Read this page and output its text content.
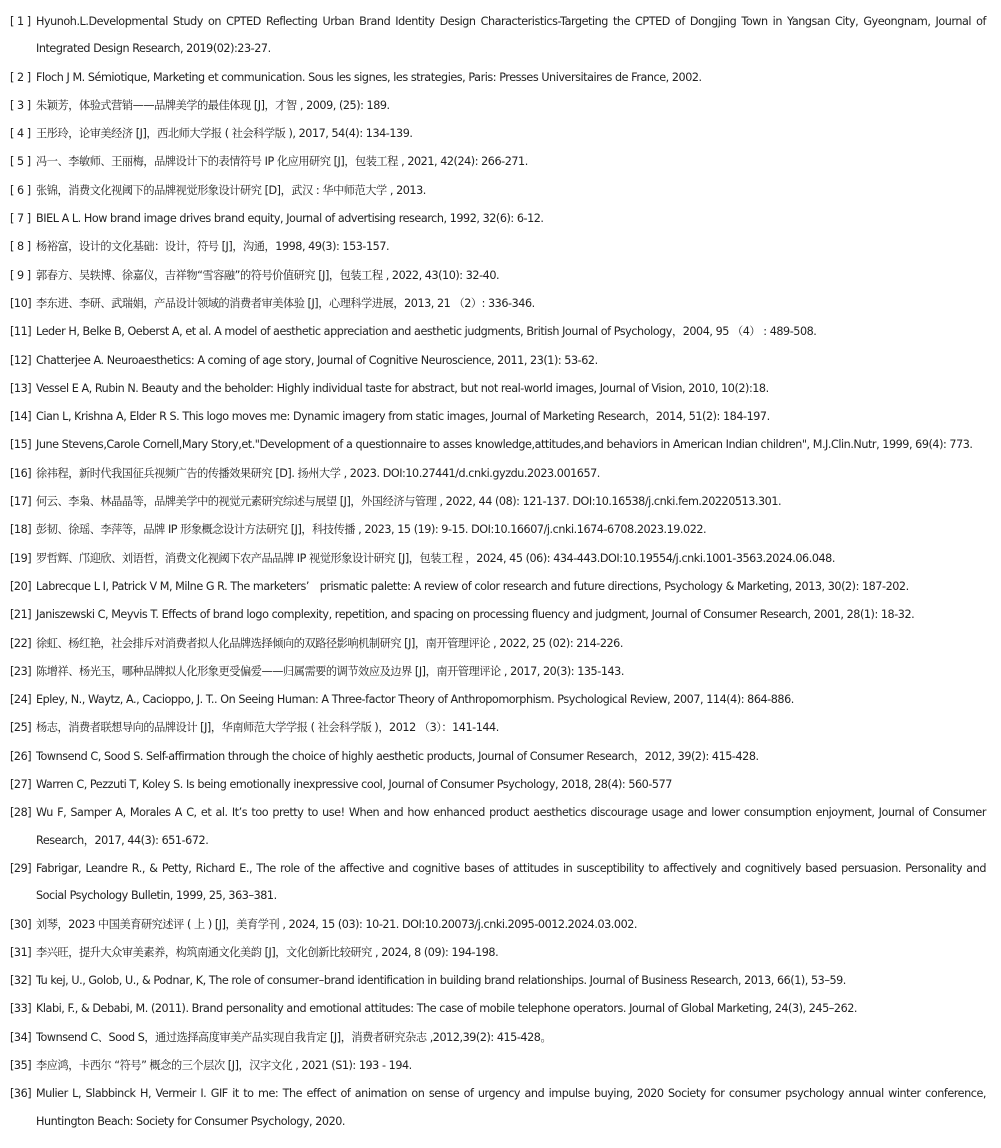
[ 1 ] Hyunoh.L.Developmental Study on CPTED Reflecting Urban Brand Identity Design Characteristics-Targeting the CPTED of Dongjing Town in Yangsan City, Gyeongnam, Journal of Integrated Design Research, 2019(02):23-27.
[ 2 ] Floch J M. Sémiotique, Marketing et communication. Sous les signes, les strategies, Paris: Presses Universitaires de France, 2002.
[ 3 ] 朱颖芳，体验式营销——品牌美学的最佳体现 [J]，才智 , 2009, (25): 189.
[ 4 ] 王彤玲，论审美经济 [J]，西北师大学报 ( 社会科学版 ), 2017, 54(4): 134-139.
[ 5 ] 冯一、李敏师、王丽梅，品牌设计下的表情符号 IP 化应用研究 [J]，包装工程 , 2021, 42(24): 266-271.
[ 6 ] 张锦，消费文化视阈下的品牌视觉形象设计研究 [D]，武汉 : 华中师范大学 , 2013.
[ 7 ] BIEL A L. How brand image drives brand equity, Journal of advertising research, 1992, 32(6): 6-12.
[ 8 ] 杨裕富，设计的文化基础：设计，符号 [J]，沟通，1998, 49(3): 153-157.
[ 9 ] 郭春方、吴轶博、徐嘉仪，吉祥物“雪容融”的符号价值研究 [J]，包装工程 , 2022, 43(10): 32-40.
[10] 李东进、李研、武瑞娟，产品设计领域的消费者审美体验 [J]，心理科学进展，2013, 21 （2）: 336-346.
[11] Leder H, Belke B, Oeberst A, et al. A model of aesthetic appreciation and aesthetic judgments, British Journal of Psychology，2004, 95 （4） : 489-508.
[12] Chatterjee A. Neuroaesthetics: A coming of age story, Journal of Cognitive Neuroscience, 2011, 23(1): 53-62.
[13] Vessel E A, Rubin N. Beauty and the beholder: Highly individual taste for abstract, but not real-world images, Journal of Vision, 2010, 10(2):18.
[14] Cian L, Krishna A, Elder R S. This logo moves me: Dynamic imagery from static images, Journal of Marketing Research，2014, 51(2): 184-197.
[15] June Stevens,Carole Cornell,Mary Story,et."Development of a questionnaire to asses knowledge,attitudes,and behaviors in American Indian children", M.J.Clin.Nutr, 1999, 69(4): 773.
[16] 徐祎程，新时代我国征兵视频广告的传播效果研究 [D]. 扬州大学 , 2023. DOI:10.27441/d.cnki.gyzdu.2023.001657.
[17] 何云、李枭、林晶晶等，品牌美学中的视觉元素研究综述与展望 [J]，外国经济与管理 , 2022, 44 (08): 121-137. DOI:10.16538/j.cnki.fem.20220513.301.
[18] 彭韧、徐瑶、李萍等，品牌 IP 形象概念设计方法研究 [J]，科技传播 , 2023, 15 (19): 9-15. DOI:10.16607/j.cnki.1674-6708.2023.19.022.
[19] 罗哲辉、邝迎欣、刘语哲，消费文化视阈下农产品品牌 IP 视觉形象设计研究 [J]，包装工程 ，2024, 45 (06): 434-443.DOI:10.19554/j.cnki.1001-3563.2024.06.048.
[20] Labrecque L I, Patrick V M, Milne G R. The marketers’　prismatic palette: A review of color research and future directions, Psychology & Marketing, 2013, 30(2): 187-202.
[21] Janiszewski C, Meyvis T. Effects of brand logo complexity, repetition, and spacing on processing fluency and judgment, Journal of Consumer Research, 2001, 28(1): 18-32.
[22] 徐虹、杨红艳，社会排斥对消费者拟人化品牌选择倾向的双路径影响机制研究 [J]，南开管理评论 , 2022, 25 (02): 214-226.
[23] 陈增祥、杨光玉，哪种品牌拟人化形象更受偏爱——归属需要的调节效应及边界 [J]，南开管理评论 , 2017, 20(3): 135-143.
[24] Epley, N., Waytz, A., Cacioppo, J. T.. On Seeing Human: A Three-factor Theory of Anthropomorphism. Psychological Review, 2007, 114(4): 864-886.
[25] 杨志，消费者联想导向的品牌设计 [J]，华南师范大学学报 ( 社会科学版 )，2012 （3）：141-144.
[26] Townsend C, Sood S. Self-affirmation through the choice of highly aesthetic products, Journal of Consumer Research，2012, 39(2): 415-428.
[27] Warren C, Pezzuti T, Koley S. Is being emotionally inexpressive cool, Journal of Consumer Psychology, 2018, 28(4): 560-577
[28] Wu F, Samper A, Morales A C, et al. It’s too pretty to use! When and how enhanced product aesthetics discourage usage and lower consumption enjoyment, Journal of Consumer Research，2017, 44(3): 651-672.
[29] Fabrigar, Leandre R., & Petty, Richard E., The role of the affective and cognitive bases of attitudes in susceptibility to affectively and cognitively based persuasion. Personality and Social Psychology Bulletin, 1999, 25, 363–381.
[30] 刘琴，2023 中国美育研究述评 ( 上 ) [J]，美育学刊 , 2024, 15 (03): 10-21. DOI:10.20073/j.cnki.2095-0012.2024.03.002.
[31] 李兴旺，提升大众审美素养，构筑南通文化美韵 [J]，文化创新比较研究 , 2024, 8 (09): 194-198.
[32] Tu kej, U., Golob, U., & Podnar, K, The role of consumer–brand identification in building brand relationships. Journal of Business Research, 2013, 66(1), 53–59.
[33] Klabi, F., & Debabi, M. (2011). Brand personality and emotional attitudes: The case of mobile telephone operators. Journal of Global Marketing, 24(3), 245–262.
[34] Townsend C、Sood S，通过选择高度审美产品实现自我肯定 [J]，消费者研究杂志 ,2012,39(2): 415-428。
[35] 李应鸿，卡西尔 “符号” 概念的三个层次 [J]，汉字文化 , 2021 (S1): 193 - 194.
[36] Mulier L, Slabbinck H, Vermeir I. GIF it to me: The effect of animation on sense of urgency and impulse buying, 2020 Society for consumer psychology annual winter conference, Huntington Beach: Society for Consumer Psychology, 2020.
